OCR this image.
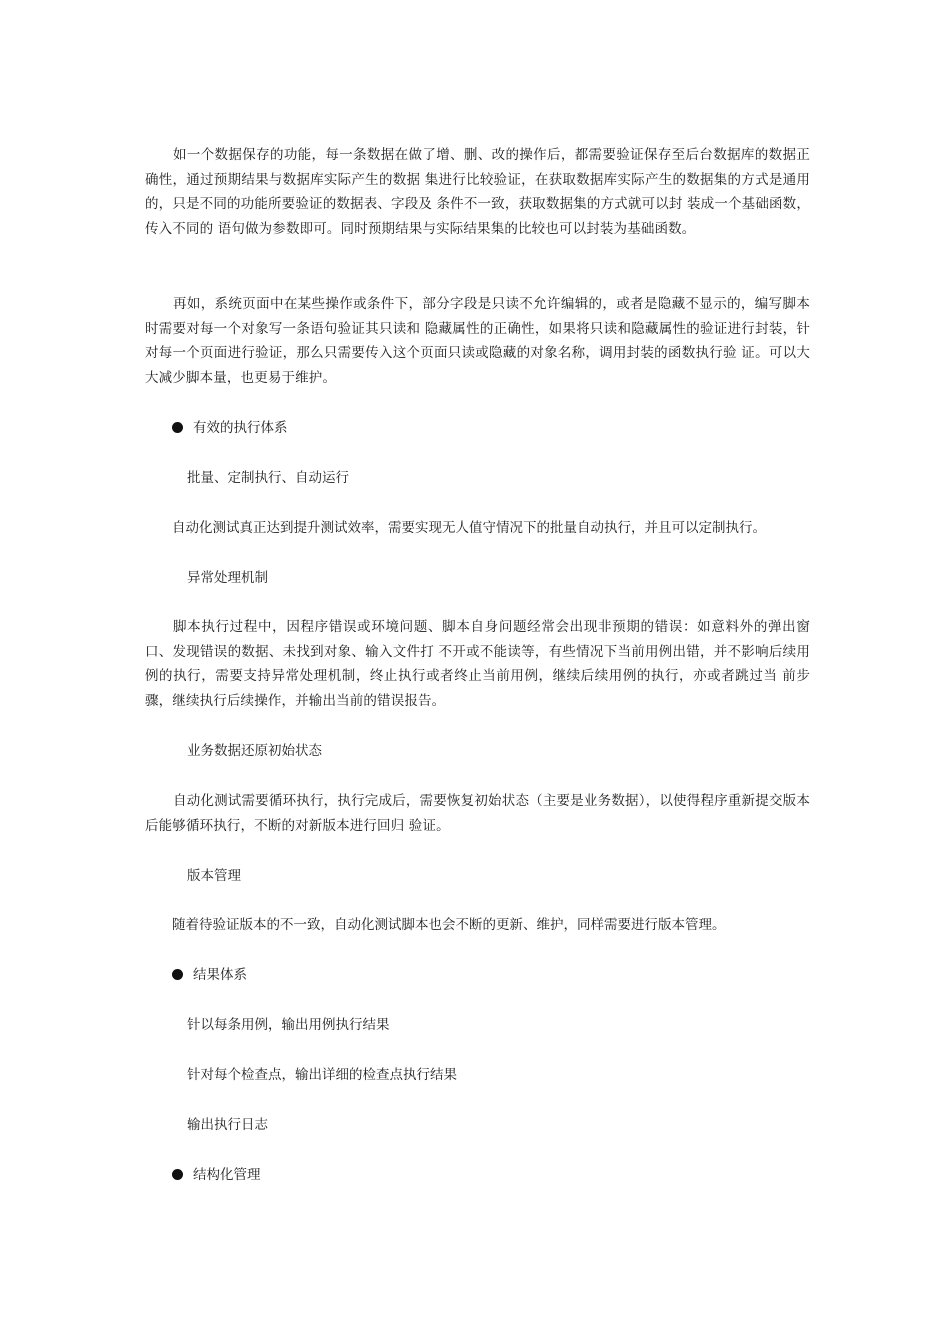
如一个数据保存的功能，每一条数据在做了增、删、改的操作后，都需要验证保存至后台数据库的数据正确性，通过预期结果与数据库实际产生的数据 集进行比较验证，在获取数据库实际产生的数据集的方式是通用的，只是不同的功能所要验证的数据表、字段及 条件不一致，获取数据集的方式就可以封 装成一个基础函数，传入不同的 语句做为参数即可。同时预期结果与实际结果集的比较也可以封装为基础函数。

再如，系统页面中在某些操作或条件下，部分字段是只读不允许编辑的，或者是隐藏不显示的，编写脚本时需要对每一个对象写一条语句验证其只读和 隐藏属性的正确性，如果将只读和隐藏属性的验证进行封装，针对每一个页面进行验证，那么只需要传入这个页面只读或隐藏的对象名称，调用封装的函数执行验 证。可以大大减少脚本量，也更易于维护。

有效的执行体系

批量、定制执行、自动运行

自动化测试真正达到提升测试效率，需要实现无人值守情况下的批量自动执行，并且可以定制执行。

异常处理机制

脚本执行过程中，因程序错误或环境问题、脚本自身问题经常会出现非预期的错误：如意料外的弹出窗口、发现错误的数据、未找到对象、输入文件打 不开或不能读等，有些情况下当前用例出错，并不影响后续用例的执行，需要支持异常处理机制，终止执行或者终止当前用例，继续后续用例的执行，亦或者跳过当 前步骤，继续执行后续操作，并输出当前的错误报告。

业务数据还原初始状态

自动化测试需要循环执行，执行完成后，需要恢复初始状态（主要是业务数据），以使得程序重新提交版本后能够循环执行，不断的对新版本进行回归 验证。

版本管理

随着待验证版本的不一致，自动化测试脚本也会不断的更新、维护，同样需要进行版本管理。

结果体系

针以每条用例，输出用例执行结果

针对每个检查点，输出详细的检查点执行结果

输出执行日志

结构化管理
